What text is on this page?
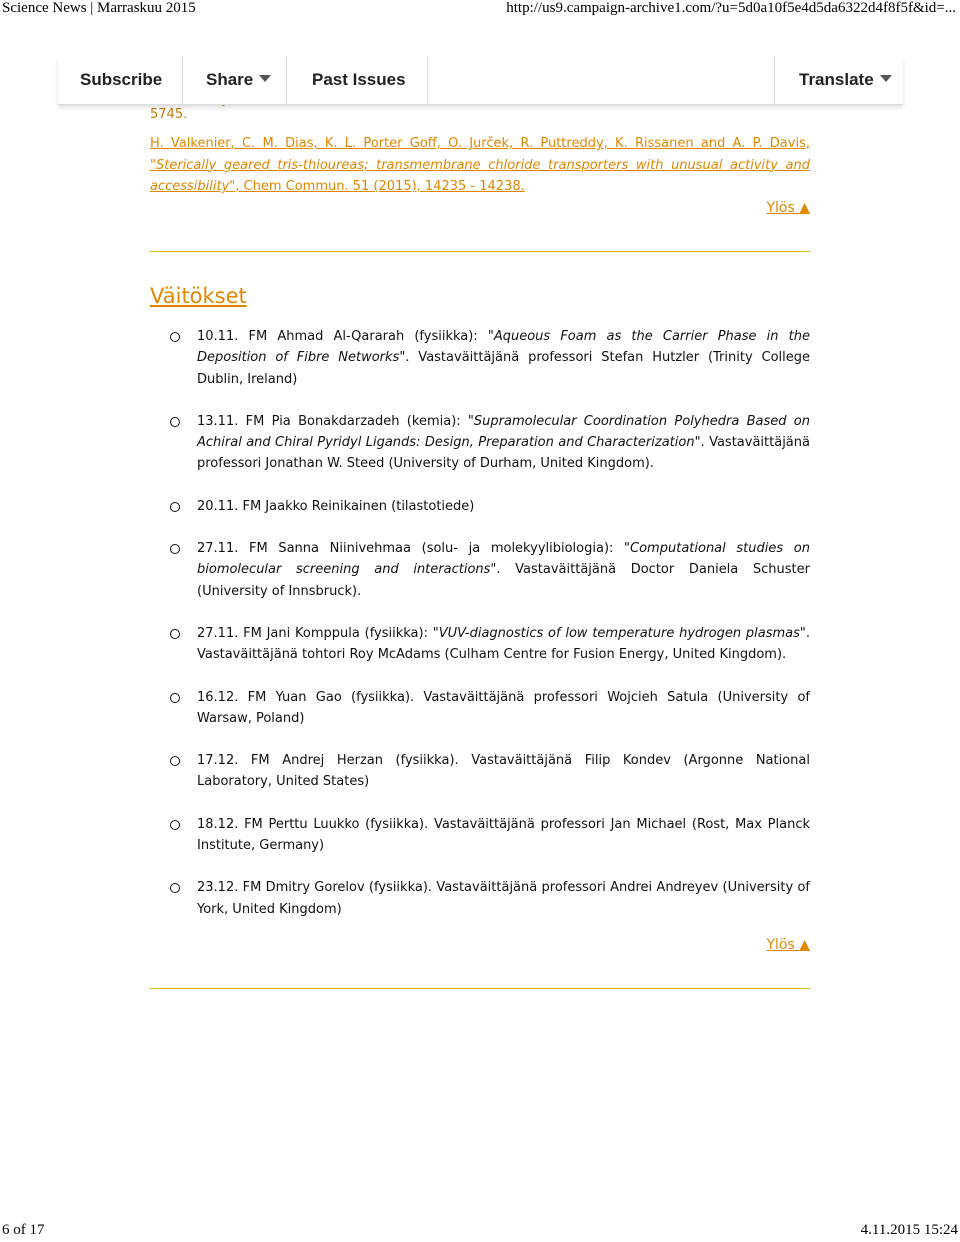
Science News | Marraskuu 2015	http://us9.campaign-archive1.com/?u=5d0a10f5e4d5da6322d4f8f5f&id=...
5745.
Subscribe	Share	Past Issues	Translate
H. Valkenier, C. M. Dias, K. L. Porter Goff, O. Jurček, R. Puttreddy, K. Rissanen and A. P. Davis, "Sterically geared tris-thioureas; transmembrane chloride transporters with unusual activity and accessibility", Chem Commun. 51 (2015), 14235 - 14238.
Ylös ▲
Väitökset
10.11. FM Ahmad Al-Qararah (fysiikka): "Aqueous Foam as the Carrier Phase in the Deposition of Fibre Networks". Vastaväittäjänä professori Stefan Hutzler (Trinity College Dublin, Ireland)
13.11. FM Pia Bonakdarzadeh (kemia): "Supramolecular Coordination Polyhedra Based on Achiral and Chiral Pyridyl Ligands: Design, Preparation and Characterization". Vastaväittäjänä professori Jonathan W. Steed (University of Durham, United Kingdom).
20.11. FM Jaakko Reinikainen (tilastotiede)
27.11. FM Sanna Niinivehmaa (solu- ja molekyylibiologia): "Computational studies on biomolecular screening and interactions". Vastaväittäjänä Doctor Daniela Schuster (University of Innsbruck).
27.11. FM Jani Komppula (fysiikka): "VUV-diagnostics of low temperature hydrogen plasmas". Vastaväittäjänä tohtori Roy McAdams (Culham Centre for Fusion Energy, United Kingdom).
16.12. FM Yuan Gao (fysiikka). Vastaväittäjänä professori Wojcieh Satula (University of Warsaw, Poland)
17.12. FM Andrej Herzan (fysiikka). Vastaväittäjänä Filip Kondev (Argonne National Laboratory, United States)
18.12. FM Perttu Luukko (fysiikka). Vastaväittäjänä professori Jan Michael (Rost, Max Planck Institute, Germany)
23.12. FM Dmitry Gorelov (fysiikka). Vastaväittäjänä professori Andrei Andreyev (University of York, United Kingdom)
Ylös ▲
6 of 17	4.11.2015 15:24
